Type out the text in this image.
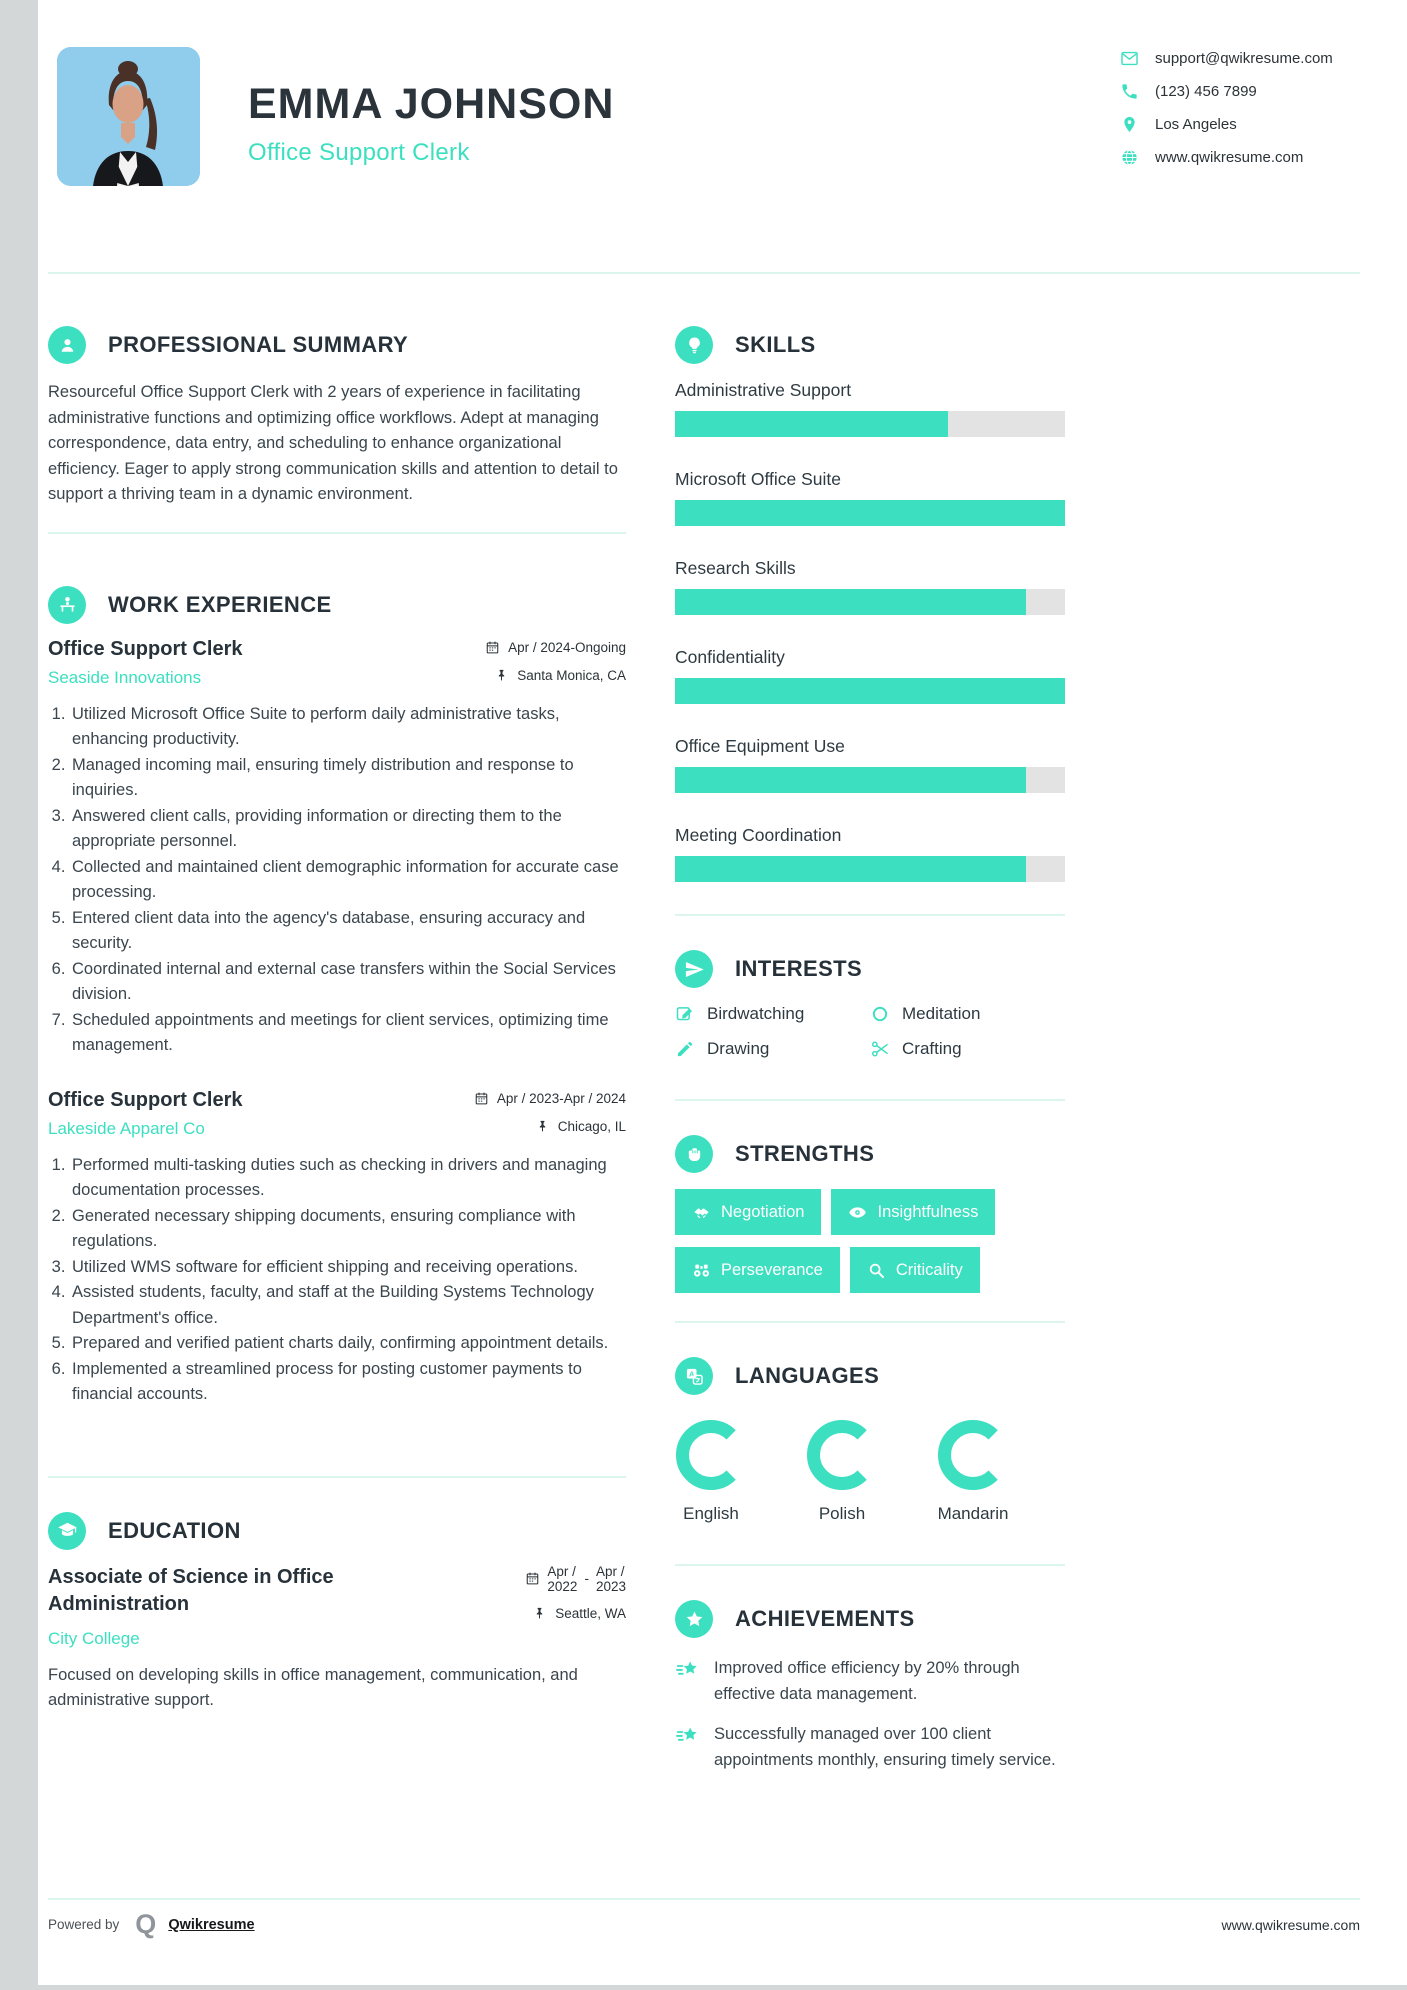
EMMA JOHNSON
Office Support Clerk
support@qwikresume.com
(123) 456 7899
Los Angeles
www.qwikresume.com
PROFESSIONAL SUMMARY

Resourceful Office Support Clerk with 2 years of experience in facilitating administrative functions and optimizing office workflows. Adept at managing correspondence, data entry, and scheduling to enhance organizational efficiency. Eager to apply strong communication skills and attention to detail to support a thriving team in a dynamic environment.

WORK EXPERIENCE
Office Support Clerk	Apr / 2024-Ongoing
Seaside Innovations	Santa Monica, CA
1. Utilized Microsoft Office Suite to perform daily administrative tasks, enhancing productivity.
2. Managed incoming mail, ensuring timely distribution and response to inquiries.
3. Answered client calls, providing information or directing them to the appropriate personnel.
4. Collected and maintained client demographic information for accurate case processing.
5. Entered client data into the agency's database, ensuring accuracy and security.
6. Coordinated internal and external case transfers within the Social Services division.
7. Scheduled appointments and meetings for client services, optimizing time management.
Office Support Clerk	Apr / 2023-Apr / 2024
Lakeside Apparel Co	Chicago, IL
1. Performed multi-tasking duties such as checking in drivers and managing documentation processes.
2. Generated necessary shipping documents, ensuring compliance with regulations.
3. Utilized WMS software for efficient shipping and receiving operations.
4. Assisted students, faculty, and staff at the Building Systems Technology Department's office.
5. Prepared and verified patient charts daily, confirming appointment details.
6. Implemented a streamlined process for posting customer payments to financial accounts.
EDUCATION
Associate of Science in Office Administration
Apr /
2022 - Apr /
2023
Seattle, WA
City College

Focused on developing skills in office management, communication, and administrative support.

SKILLS
Administrative Support
Microsoft Office Suite
Research Skills
Confidentiality
Office Equipment Use
Meeting Coordination
INTERESTS
Birdwatching	Meditation
Drawing	Crafting
STRENGTHS
Negotiation	Insightfulness
Perseverance	Criticality
LANGUAGES
English	Polish	Mandarin
ACHIEVEMENTS
Improved office efficiency by 20% through effective data management.
Successfully managed over 100 client appointments monthly, ensuring timely service.
Powered by Q Qwikresume	www.qwikresume.com
